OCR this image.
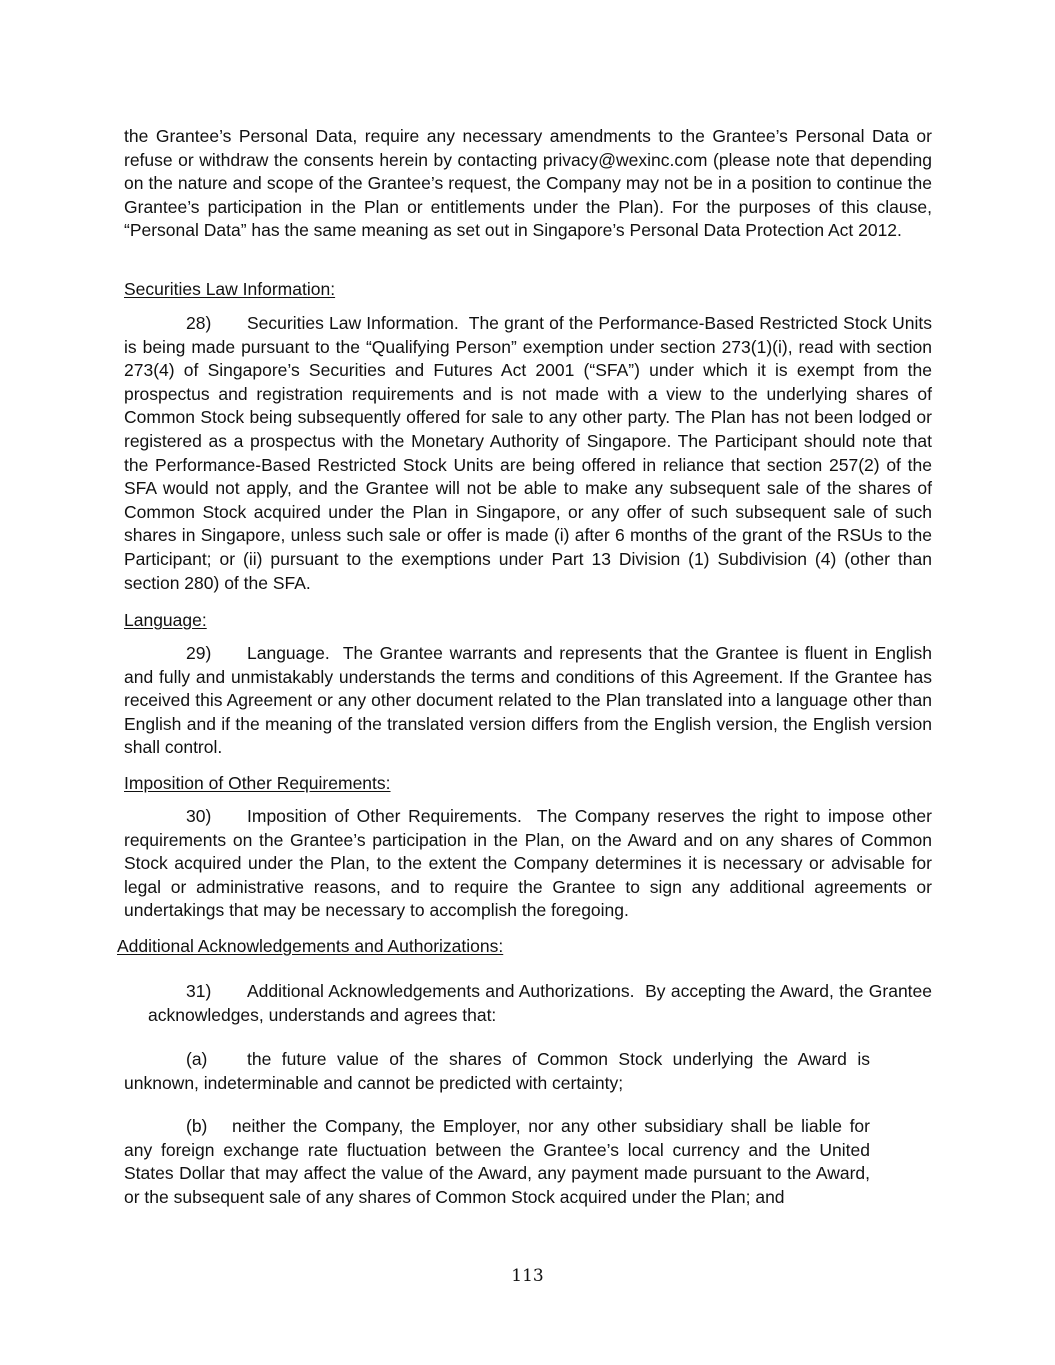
the Grantee’s Personal Data, require any necessary amendments to the Grantee’s Personal Data or refuse or withdraw the consents herein by contacting privacy@wexinc.com (please note that depending on the nature and scope of the Grantee’s request, the Company may not be in a position to continue the Grantee’s participation in the Plan or entitlements under the Plan). For the purposes of this clause, “Personal Data” has the same meaning as set out in Singapore’s Personal Data Protection Act 2012.

Securities Law Information:

28) Securities Law Information. The grant of the Performance-Based Restricted Stock Units is being made pursuant to the “Qualifying Person” exemption under section 273(1)(i), read with section 273(4) of Singapore’s Securities and Futures Act 2001 (“SFA”) under which it is exempt from the prospectus and registration requirements and is not made with a view to the underlying shares of Common Stock being subsequently offered for sale to any other party. The Plan has not been lodged or registered as a prospectus with the Monetary Authority of Singapore. The Participant should note that the Performance-Based Restricted Stock Units are being offered in reliance that section 257(2) of the SFA would not apply, and the Grantee will not be able to make any subsequent sale of the shares of Common Stock acquired under the Plan in Singapore, or any offer of such subsequent sale of such shares in Singapore, unless such sale or offer is made (i) after 6 months of the grant of the RSUs to the Participant; or (ii) pursuant to the exemptions under Part 13 Division (1) Subdivision (4) (other than section 280) of the SFA.

Language:

29) Language. The Grantee warrants and represents that the Grantee is fluent in English and fully and unmistakably understands the terms and conditions of this Agreement. If the Grantee has received this Agreement or any other document related to the Plan translated into a language other than English and if the meaning of the translated version differs from the English version, the English version shall control.

Imposition of Other Requirements:

30) Imposition of Other Requirements. The Company reserves the right to impose other requirements on the Grantee’s participation in the Plan, on the Award and on any shares of Common Stock acquired under the Plan, to the extent the Company determines it is necessary or advisable for legal or administrative reasons, and to require the Grantee to sign any additional agreements or undertakings that may be necessary to accomplish the foregoing.

Additional Acknowledgements and Authorizations:

31) Additional Acknowledgements and Authorizations. By accepting the Award, the Grantee acknowledges, understands and agrees that:

(a) the future value of the shares of Common Stock underlying the Award is unknown, indeterminable and cannot be predicted with certainty;

(b) neither the Company, the Employer, nor any other subsidiary shall be liable for any foreign exchange rate fluctuation between the Grantee’s local currency and the United States Dollar that may affect the value of the Award, any payment made pursuant to the Award, or the subsequent sale of any shares of Common Stock acquired under the Plan; and

113
